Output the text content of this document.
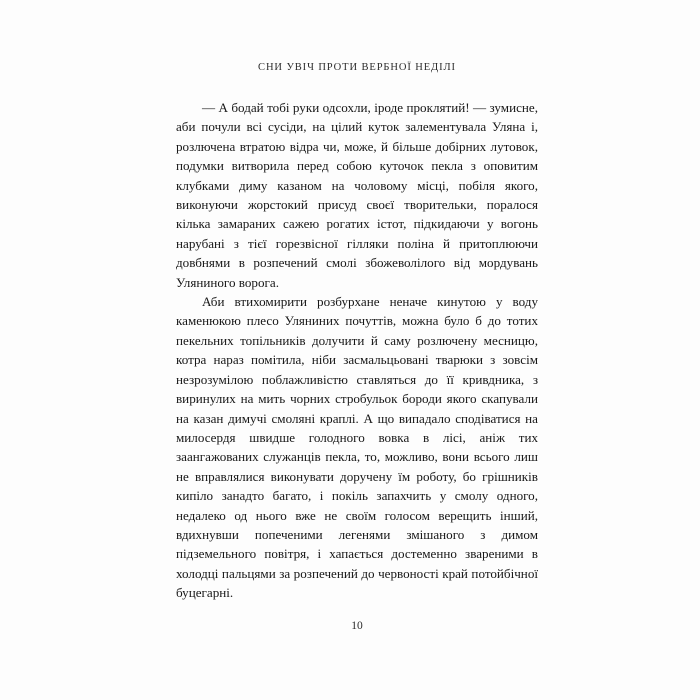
СНИ УВІЧ ПРОТИ ВЕРБНОЇ НЕДІЛІ

— А бодай тобі руки одсохли, іроде проклятий! — зумисне, аби почули всі сусіди, на цілий куток залементувала Уляна і, розлючена втратою відра чи, може, й більше добірних лутовок, подумки витворила перед собою куточок пекла з оповитим клубками диму казаном на чоловому місці, побіля якого, виконуючи жорстокий присуд своєї творительки, поралося кілька замараних сажею рогатих істот, підкидаючи у вогонь нарубані з тієї горезвісної гілляки поліна й притоплюючи довбнями в розпечений смолі збожеволілого від мордувань Уляниного ворога.

Аби втихомирити розбурхане неначе кинутою у воду каменюкою плесо Уляниних почуттів, можна було б до тотих пекельних топільників долучити й саму розлючену месницю, котра нараз помітила, ніби засмальцьовані тварюки з зовсім незрозумілою поблажливістю ставляться до її кривдника, з виринулих на мить чорних стробульок бороди якого скапували на казан димучі смоляні краплі. А що випадало сподіватися на милосердя швидше голодного вовка в лісі, аніж тих заангажованих служанців пекла, то, можливо, вони всього лиш не вправлялися виконувати доручену їм роботу, бо грішників кипіло занадто багато, і покіль запахчить у смолу одного, недалеко од нього вже не своїм голосом верещить інший, вдихнувши попеченими легенями змішаного з димом підземельного повітря, і хапається достеменно звареними в холодці пальцями за розпечений до червоності край потойбічної буцегарні.

10
